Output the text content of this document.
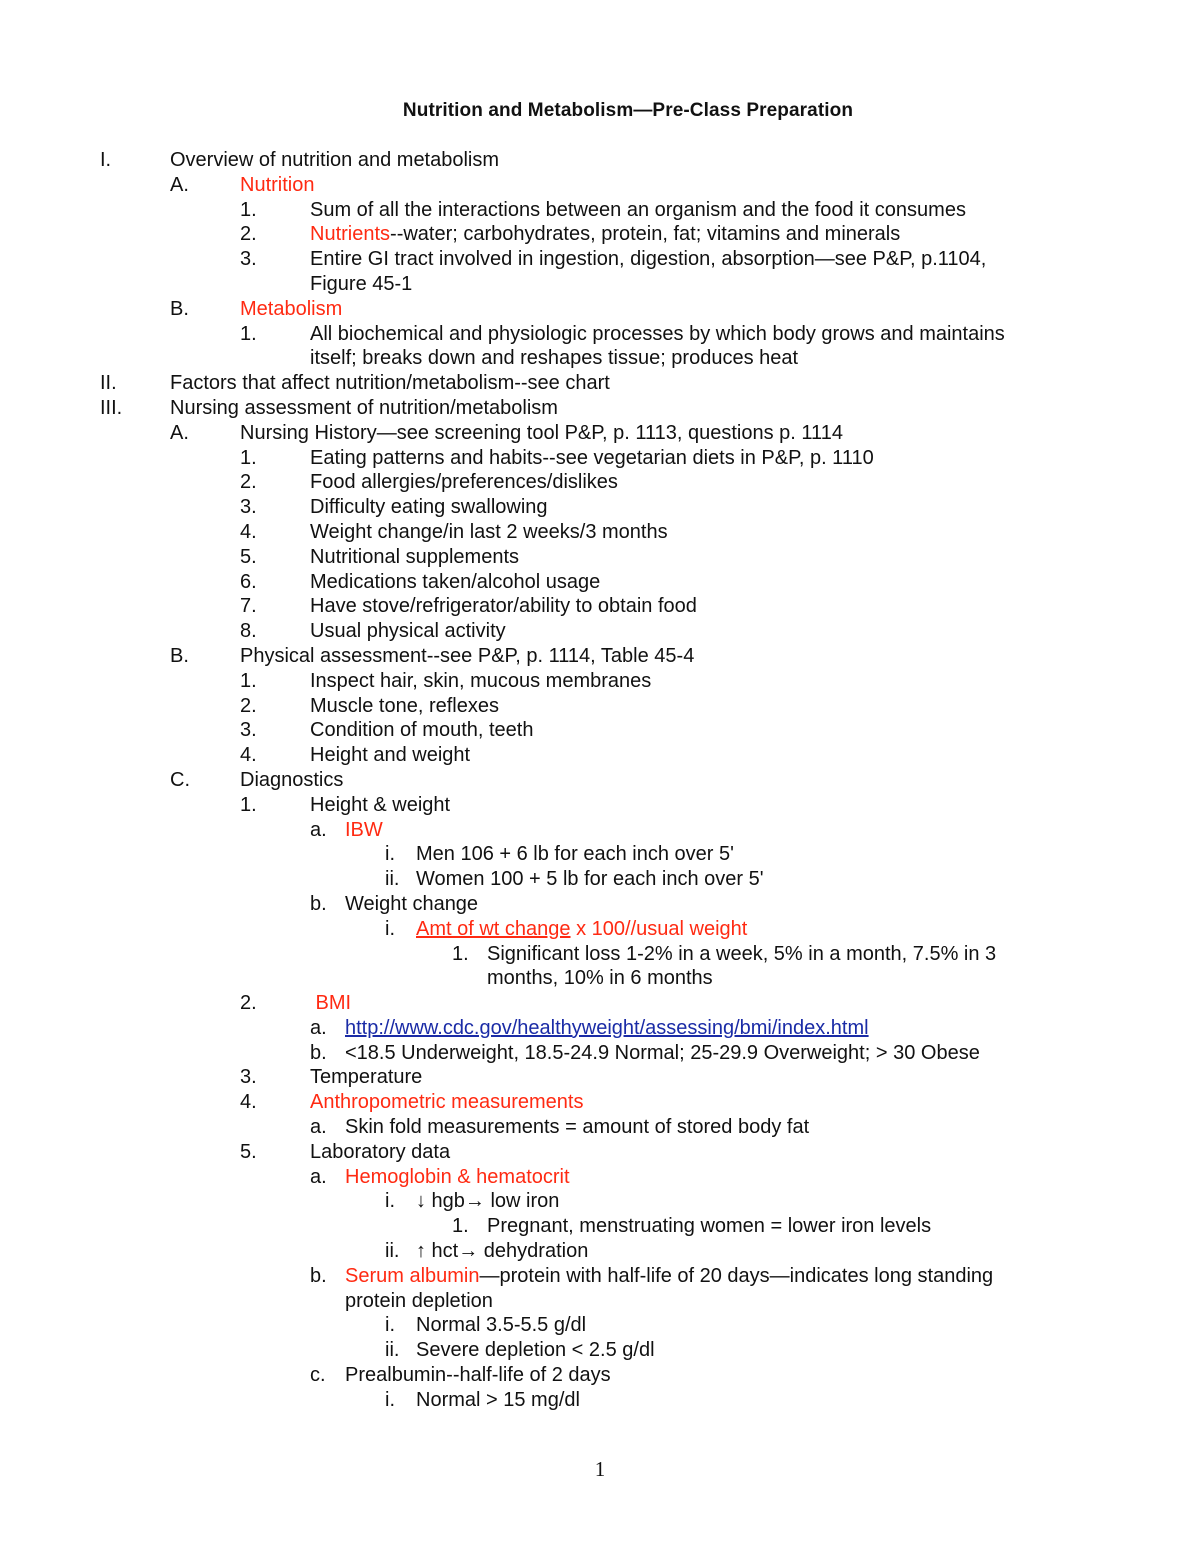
Nutrition and Metabolism—Pre-Class Preparation
I.	Overview of nutrition and metabolism
A.	Nutrition
1.	Sum of all the interactions between an organism and the food it consumes
2.	Nutrients--water; carbohydrates, protein, fat; vitamins and minerals
3.	Entire GI tract involved in ingestion, digestion, absorption—see P&P, p.1104,
Figure 45-1
B.	Metabolism
1.	All biochemical and physiologic processes by which body grows and maintains
itself; breaks down and reshapes tissue; produces heat
II.	Factors that affect nutrition/metabolism--see chart
III. Nursing assessment of nutrition/metabolism
A.	Nursing History—see screening tool P&P, p. 1113, questions p. 1114
1.	Eating patterns and habits--see vegetarian diets in P&P, p. 1110
2.	Food allergies/preferences/dislikes
3.	Difficulty eating swallowing
4.	Weight change/in last 2 weeks/3 months
5.	Nutritional supplements
6.	Medications taken/alcohol usage
7.	Have stove/refrigerator/ability to obtain food
8.	Usual physical activity
B.	Physical assessment--see P&P, p. 1114, Table 45-4
1.	Inspect hair, skin, mucous membranes
2.	Muscle tone, reflexes
3.	Condition of mouth, teeth
4.	Height and weight
C.	Diagnostics
1.	Height & weight
a. IBW
i. Men 106 + 6 lb for each inch over 5'
ii. Women 100 + 5 lb for each inch over 5'
b. Weight change
i. Amt of wt change x 100//usual weight
1. Significant loss 1-2% in a week, 5% in a month, 7.5% in 3
months, 10% in 6 months
2.	BMI
a. http://www.cdc.gov/healthyweight/assessing/bmi/index.html
b. <18.5 Underweight, 18.5-24.9 Normal; 25-29.9 Overweight; > 30 Obese
3.	Temperature
4.	Anthropometric measurements
a. Skin fold measurements = amount of stored body fat
5.	Laboratory data
a. Hemoglobin & hematocrit
i. ↓ hgb→ low iron
1. Pregnant, menstruating women = lower iron levels
ii. ↑ hct→ dehydration
b. Serum albumin—protein with half-life of 20 days—indicates long standing
protein depletion
i. Normal 3.5-5.5 g/dl
ii. Severe depletion < 2.5 g/dl
c. Prealbumin--half-life of 2 days
i. Normal > 15 mg/dl
1
